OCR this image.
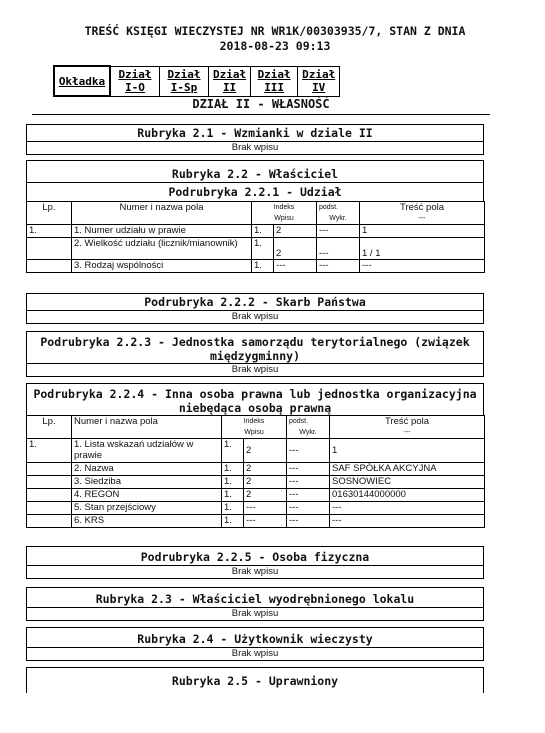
TREŚĆ KSIĘGI WIECZYSTEJ NR WR1K/00303935/7, STAN Z DNIA
2018-08-23 09:13
Okładka	Dział
I-O	Dział
I-Sp	Dział
II	Dział
III	Dział
IV
DZIAŁ II - WŁASNOŚĆ
Rubryka 2.1 - Wzmianki w dziale II
Brak wpisu
Rubryka 2.2 - Właściciel
Podrubryka 2.2.1 - Udział
Lp.	Numer i nazwa pola	Indeks		podst.	Treść pola
		Wpisu		Wykr.	---
1.	1. Numer udziału w prawie	1.	2	---	1
	2. Wielkość udziału (licznik/mianownik)	1.	2	---	1 / 1
	3. Rodzaj wspólności	1.	---	---	---
Podrubryka 2.2.2 - Skarb Państwa
Brak wpisu
Podrubryka 2.2.3 - Jednostka samorządu terytorialnego (związek
międzygminny)
Brak wpisu
Podrubryka 2.2.4 - Inna osoba prawna lub jednostka organizacyjna
niebędąca osobą prawną
Lp.	Numer i nazwa pola	Indeks		podst.	Treść pola
		Wpisu		Wykr.	---
1.	1. Lista wskazań udziałów w prawie	1.	2	---	1
	2. Nazwa	1.	2	---	SAF SPÓŁKA AKCYJNA
	3. Siedziba	1.	2	---	SOSNOWIEC
	4. REGON	1.	2	---	01630144000000
	5. Stan przejściowy	1.	---	---	---
	6. KRS	1.	---	---	---
Podrubryka 2.2.5 - Osoba fizyczna
Brak wpisu
Rubryka 2.3 - Właściciel wyodrębnionego lokalu
Brak wpisu
Rubryka 2.4 - Użytkownik wieczysty
Brak wpisu
Rubryka 2.5 - Uprawniony
